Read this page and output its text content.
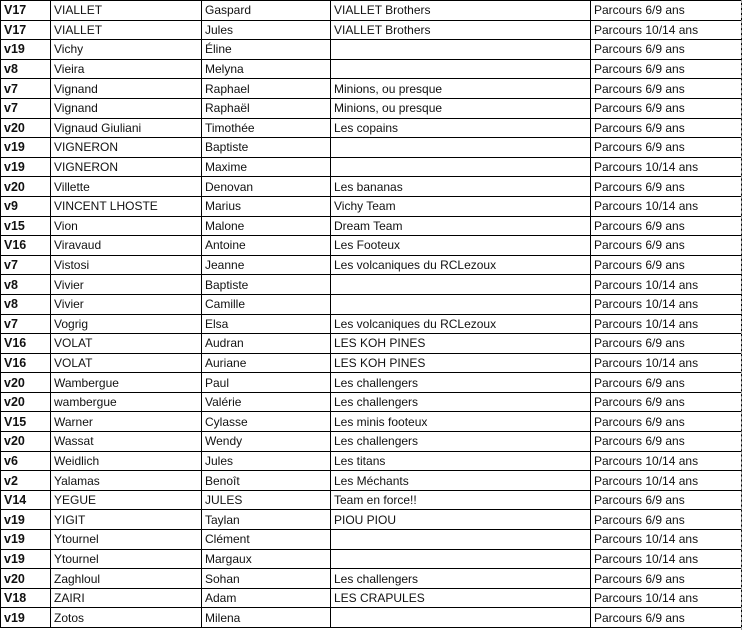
V17	VIALLET	Gaspard	VIALLET Brothers	Parcours 6/9 ans
V17	VIALLET	Jules	VIALLET Brothers	Parcours 10/14 ans
v19	Vichy	Éline		Parcours 6/9 ans
v8	Vieira	Melyna		Parcours 6/9 ans
v7	Vignand	Raphael	Minions, ou presque	Parcours 6/9 ans
v7	Vignand	Raphaël	Minions, ou presque	Parcours 6/9 ans
v20	Vignaud Giuliani	Timothée	Les copains	Parcours 6/9 ans
v19	VIGNERON	Baptiste		Parcours 6/9 ans
v19	VIGNERON	Maxime		Parcours 10/14 ans
v20	Villette	Denovan	Les bananas	Parcours 6/9 ans
v9	VINCENT LHOSTE	Marius	Vichy Team	Parcours 10/14 ans
v15	Vion	Malone	Dream Team	Parcours 6/9 ans
V16	Viravaud	Antoine	Les Footeux	Parcours 6/9 ans
v7	Vistosi	Jeanne	Les volcaniques du RCLezoux	Parcours 6/9 ans
v8	Vivier	Baptiste		Parcours 10/14 ans
v8	Vivier	Camille		Parcours 10/14 ans
v7	Vogrig	Elsa	Les volcaniques du RCLezoux	Parcours 10/14 ans
V16	VOLAT	Audran	LES KOH PINES	Parcours 6/9 ans
V16	VOLAT	Auriane	LES KOH PINES	Parcours 10/14 ans
v20	Wambergue	Paul	Les challengers	Parcours 6/9 ans
v20	wambergue	Valérie	Les challengers	Parcours 6/9 ans
V15	Warner	Cylasse	Les minis footeux	Parcours 6/9 ans
v20	Wassat	Wendy	Les challengers	Parcours 6/9 ans
v6	Weidlich	Jules	Les titans	Parcours 10/14 ans
v2	Yalamas	Benoît	Les Méchants	Parcours 10/14 ans
V14	YEGUE	JULES	Team en force!!	Parcours 6/9 ans
v19	YIGIT	Taylan	PIOU PIOU	Parcours 6/9 ans
v19	Ytournel	Clément		Parcours 10/14 ans
v19	Ytournel	Margaux		Parcours 10/14 ans
v20	Zaghloul	Sohan	Les challengers	Parcours 6/9 ans
V18	ZAIRI	Adam	LES CRAPULES	Parcours 10/14 ans
v19	Zotos	Milena		Parcours 6/9 ans
